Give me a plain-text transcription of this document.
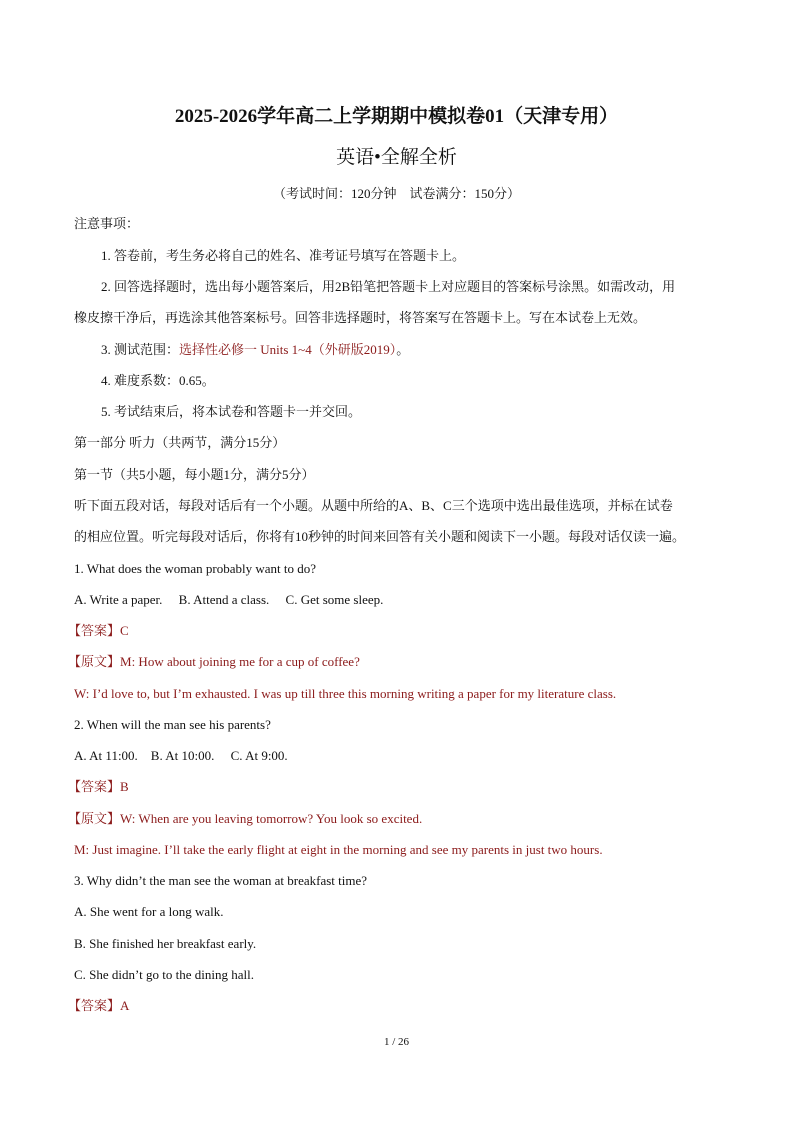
2025-2026学年高二上学期期中模拟卷01（天津专用）
英语•全解全析
（考试时间：120分钟　试卷满分：150分）
注意事项：
1. 答卷前，考生务必将自己的姓名、准考证号填写在答题卡上。
2. 回答选择题时，选出每小题答案后，用2B铅笔把答题卡上对应题目的答案标号涂黑。如需改动，用
橡皮擦干净后，再选涂其他答案标号。回答非选择题时，将答案写在答题卡上。写在本试卷上无效。
3. 测试范围：选择性必修一 Units 1~4（外研版2019）。
4. 难度系数：0.65。
5. 考试结束后，将本试卷和答题卡一并交回。
第一部分 听力（共两节，满分15分）
第一节（共5小题，每小题1分，满分5分）
听下面五段对话，每段对话后有一个小题。从题中所给的A、B、C三个选项中选出最佳选项，并标在试卷
的相应位置。听完每段对话后，你将有10秒钟的时间来回答有关小题和阅读下一小题。每段对话仅读一遍。
1. What does the woman probably want to do?
A. Write a paper.　 B. Attend a class.　 C. Get some sleep.
【答案】C
【原文】M: How about joining me for a cup of coffee?
W: I’d love to, but I’m exhausted. I was up till three this morning writing a paper for my literature class.
2. When will the man see his parents?
A. At 11:00.　B. At 10:00.　 C. At 9:00.
【答案】B
【原文】W: When are you leaving tomorrow? You look so excited.
M: Just imagine. I’ll take the early flight at eight in the morning and see my parents in just two hours.
3. Why didn’t the man see the woman at breakfast time?
A. She went for a long walk.
B. She finished her breakfast early.
C. She didn’t go to the dining hall.
【答案】A
1 / 26
